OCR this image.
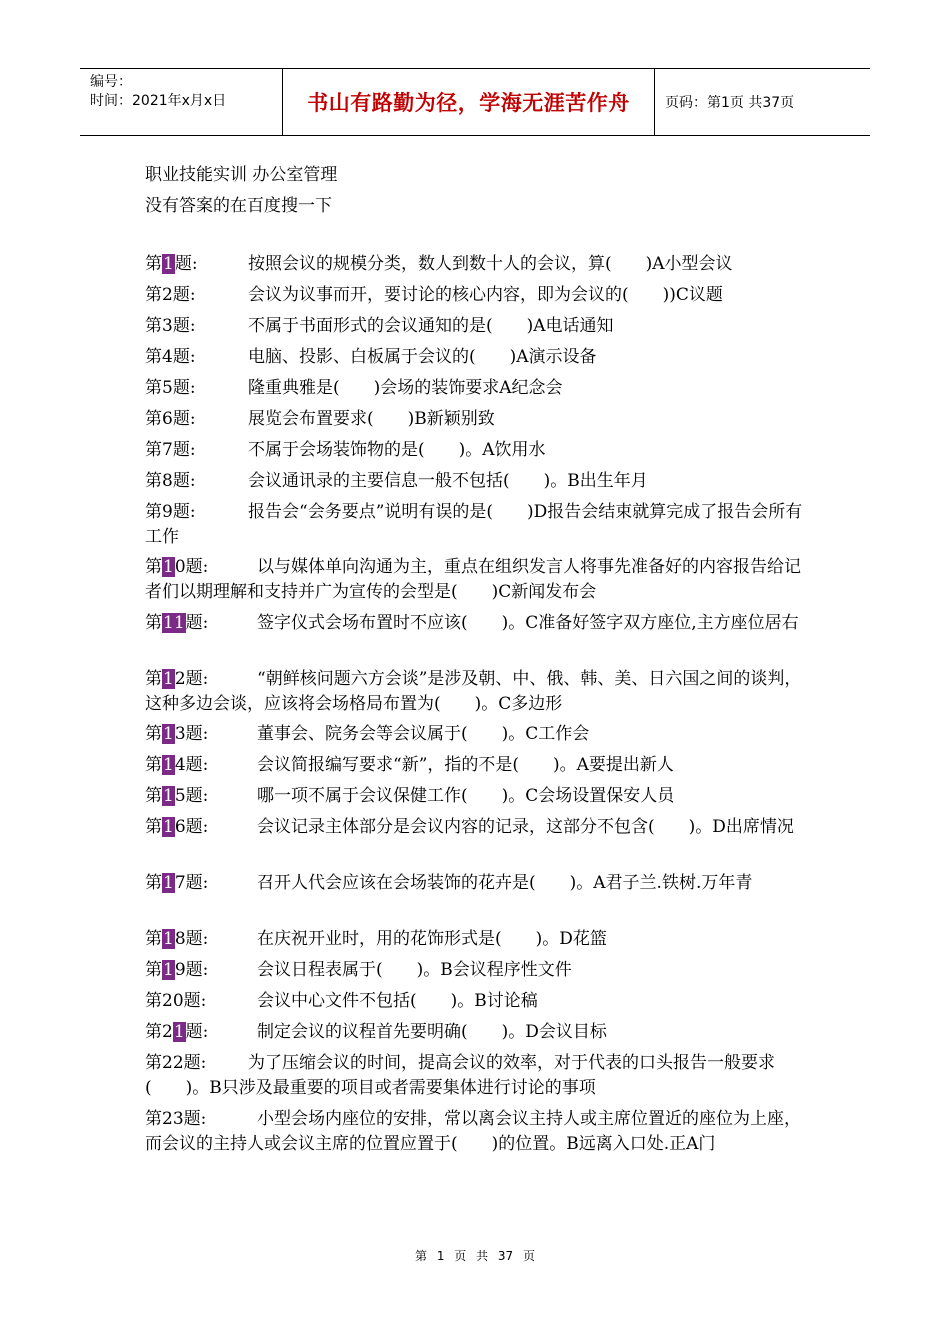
编号：
时间：2021年x月x日	书山有路勤为径，学海无涯苦作舟	页码：第1页 共37页
职业技能实训 办公室管理
没有答案的在百度搜一下
第1题:	按照会议的规模分类，数人到数十人的会议，算(　　)A小型会议
第2题:	会议为议事而开，要讨论的核心内容，即为会议的(　　))C议题
第3题:	不属于书面形式的会议通知的是(　　)A电话通知
第4题:	电脑、投影、白板属于会议的(　　)A演示设备
第5题:	隆重典雅是(　　)会场的装饰要求A纪念会
第6题:	展览会布置要求(　　)B新颖别致
第7题:	不属于会场装饰物的是(　　)。A饮用水
第8题:	会议通讯录的主要信息一般不包括(　　)。B出生年月
第9题:	报告会“会务要点”说明有误的是(　　)D报告会结束就算完成了报告会所有工作
第10题:	以与媒体单向沟通为主，重点在组织发言人将事先准备好的内容报告给记者们以期理解和支持并广为宣传的会型是(　　)C新闻发布会
第11题:	签字仪式会场布置时不应该(　　)。C准备好签字双方座位,主方座位居右
第12题:	“朝鲜核问题六方会谈”是涉及朝、中、俄、韩、美、日六国之间的谈判，这种多边会谈，应该将会场格局布置为(　　)。C多边形
第13题:	董事会、院务会等会议属于(　　)。C工作会
第14题:	会议简报编写要求“新”，指的不是(　　)。A要提出新人
第15题:	哪一项不属于会议保健工作(　　)。C会场设置保安人员
第16题:	会议记录主体部分是会议内容的记录，这部分不包含(　　)。D出席情况
第17题:	召开人代会应该在会场装饰的花卉是(　　)。A君子兰.铁树.万年青
第18题:	在庆祝开业时，用的花饰形式是(　　)。D花篮
第19题:	会议日程表属于(　　)。B会议程序性文件
第20题:	会议中心文件不包括(　　)。B讨论稿
第21题:	制定会议的议程首先要明确(　　)。D会议目标
第22题: 为了压缩会议的时间，提高会议的效率，对于代表的口头报告一般要求(　　)。B只涉及最重要的项目或者需要集体进行讨论的事项
第23题:	小型会场内座位的安排，常以离会议主持人或主席位置近的座位为上座，而会议的主持人或会议主席的位置应置于(　　)的位置。B远离入口处.正A门
第 1 页 共 37 页
